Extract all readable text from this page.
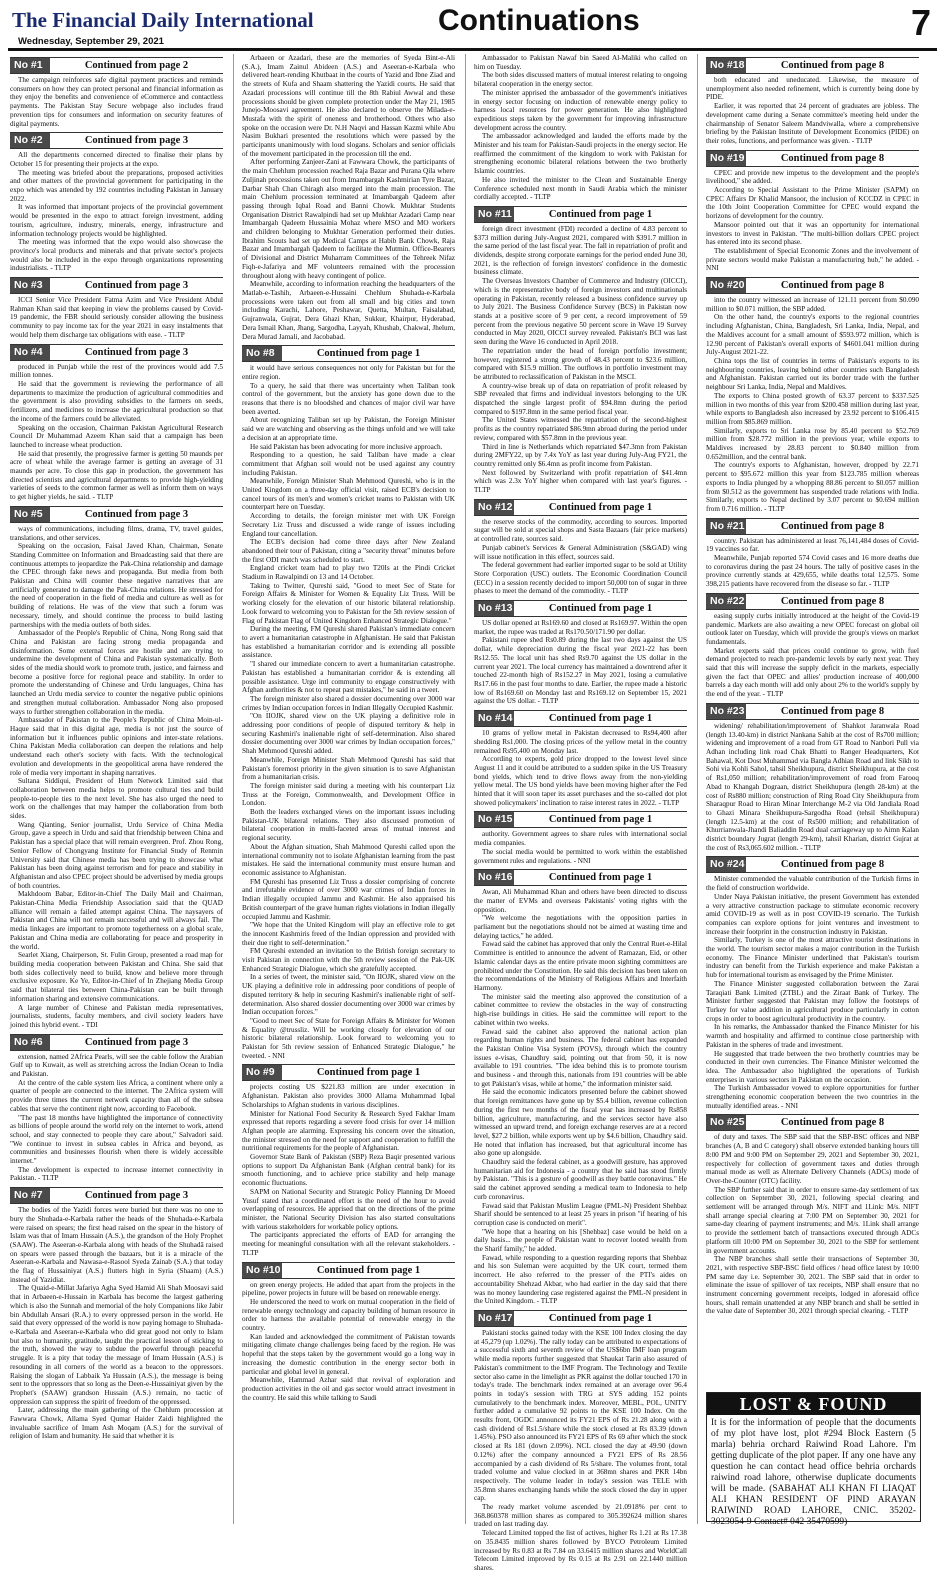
The Financial Daily International
Wednesday, September 29, 2021
Continuations	7
No #1	Continued from page 2

The campaign reinforces safe digital payment practices and reminds consumers on how they can protect personal and financial information as they enjoy the benefits and convenience of eCommerce and contactless payments. The Pakistan Stay Secure webpage also includes fraud prevention tips for consumers and information on security features of digital payments.

No #2	Continued from page 3

All the departments concerned directed to finalise their plans by October 15 for presenting their projects at the expo.

The meeting was briefed about the preparations, proposed activities and other matters of the provincial government for participating in the expo which was attended by 192 countries including Pakistan in January 2022.

It was informed that important projects of the provincial government would be presented in the expo to attract foreign investment, adding tourism, agriculture, industry, minerals, energy, infrastructure and information technology projects would be highlighted.

The meeting was informed that the expo would also showcase the province's local products and minerals and that private sector's projects would also be included in the expo through organizations representing industrialists. - TLTP

No #3	Continued from page 3

ICCI Senior Vice President Fatma Azim and Vice President Abdul Rahman Khan said that keeping in view the problems caused by Covid-19 pandemic, the FBR should seriously consider allowing the business community to pay income tax for the year 2021 in easy instalments that would help them discharge tax obligations with ease. - TLTP

No #4	Continued from page 3

produced in Punjab while the rest of the provinces would add 7.5 million tonnes.

He said that the government is reviewing the performance of all departments to maximize the production of agricultural commodities and the government is also providing subsidies to the farmers on seeds, fertilizers, and medicines to increase the agricultural production so that the income of the farmers could be alleviated.

Speaking on the occasion, Chairman Pakistan Agricultural Research Council Dr Muhammad Azeem Khan said that a campaign has been launched to increase wheat production.

He said that presently, the progressive farmer is getting 50 maunds per acre of wheat while the average farmer is getting an average of 31 maunds per acre. To close this gap in production, the government has directed scientists and agricultural departments to provide high-yielding varieties of seeds to the common farmer as well as inform them on ways to get higher yields, he said. - TLTP

No #5	Continued from page 3

ways of communications, including films, drama, TV, travel guides, translations, and other services.

Speaking on the occasion, Faisal Javed Khan, Chairman, Senate Standing Committee on Information and Broadcasting said that there are continuous attempts to jeopardize the Pak-China relationship and damage the CPEC through fake news and propaganda. But media from both Pakistan and China will counter these negative narratives that are artificially generated to damage the Pak-China relations. He stressed for the need of cooperation in the field of media and culture as well as for building of relations. He was of the view that such a forum was necessary, timely, and should continue the process to build lasting partnerships with the media outlets of both sides.

Ambassador of the People's Republic of China, Nong Rong said that China and Pakistan are facing strong media propaganda and disinformation. Some external forces are hostile and are trying to undermine the development of China and Pakistan systematically. Both sides of the media should work to promote truth, justice, and fairness and become a positive force for regional peace and stability. In order to promote the understanding of Chinese and Urdu languages, China has launched an Urdu media service to counter the negative public opinions and strengthen mutual collaboration. Ambassador Nong also proposed ways to further strengthen collaboration in the media.

Ambassador of Pakistan to the People's Republic of China Moin-ul-Haque said that in this digital age, media is not just the source of information but it influences public opinions and inter-state relations. China Pakistan Media collaboration can deepen the relations and help understand each other's society with facts. With the technological evolution and developments in the geopolitical arena have rendered the role of media very important in shaping narratives.

Sultana Siddiqui, President of Hum Network Limited said that collaboration between media helps to promote cultural ties and build people-to-people ties to the next level. She has also urged the need to work on the challenges that may hamper the collaboration from both sides.

Wang Qianting, Senior journalist, Urdu Service of China Media Group, gave a speech in Urdu and said that friendship between China and Pakistan has a special place that will remain evergreen. Prof. Zhou Rong, Senior Fellow of Chongyang Institute for Financial Study of Renmin University said that Chinese media has been trying to showcase what Pakistan has been doing against terrorism and for peace and stability in Afghanistan and also CPEC project should be advertised by media groups of both countries.

Makhdoom Babar, Editor-in-Chief The Daily Mail and Chairman, Pakistan-China Media Friendship Association said that the QUAD alliance will remain a failed attempt against China. The naysayers of Pakistan and China will not remain successful and will always fail. The media linkages are important to promote togetherness on a global scale, Pakistan and China media are collaborating for peace and prosperity in the world.

Searlet Xiang, Chairperson, St. Fulin Group, presented a road map for building media cooperation between Pakistan and China. She said that both sides collectively need to build, know and believe more through exclusive exposure. Ke Ye, Editor-in-Chief of In Zhejiang Media Group said that bilateral ties between China-Pakistan can be built through information sharing and extensive communications.

A large number of Chinese and Pakistan media representatives, journalists, students, faculty members, and civil society leaders have joined this hybrid event. - TDI

No #6	Continued from page 3

extension, named 2Africa Pearls, will see the cable follow the Arabian Gulf up to Kuwait, as well as stretching across the Indian Ocean to India and Pakistan.

At the centre of the cable system lies Africa, a continent where only a quarter of people are connected to the internet. The 2Africa system will provide three times the current network capacity than all of the subsea cables that serve the continent right now, according to Facebook.

"The past 18 months have highlighted the importance of connectivity as billions of people around the world rely on the internet to work, attend school, and stay connected to people they care about," Salvadori said. "We continue to invest in subsea cables in Africa and beyond, as communities and businesses flourish when there is widely accessible internet."

The development is expected to increase internet connectivity in Pakistan. - TLTP

No #7	Continued from page 3

The bodies of the Yazidi forces were buried but there was no one to bury the Shuhada-e-Karbala rather the heads of the Shuhada-e-Karbala were raised on spears; the first head raised on the spear in the history of Islam was that of Imam Hussain (A.S.), the grandson of the Holy Prophet (SAAW). The Aseeran-e-Karbala along with heads of the Shuhadā raised on spears were passed through the bazaars, but it is a miracle of the Aseeran-e-Karbala and Nawasa-e-Rasool Syeda Zainab (S.A.) that today the flag of Hussainiyat (A.S.) flutters high in Syria (Shaam) (A.S.) instead of Yazidiat.

The Quaid-e-Millat Jafariya Agha Syed Hamid Ali Shah Moosavi said that in Arbaeen-e-Hussain in Karbala has become the largest gathering which is also the Sunnah and memorial of the holy Companions like Jabir bin Abdullah Ansari (R.A.) to every oppressed person in the world. He said that every oppressed of the world is now paying homage to Shuhada-e-Karbala and Aseeran-e-Karbala who did great good not only to Islam but also to humanity, gratitude, taught the practical lesson of sticking to the truth, showed the way to subdue the powerful through peaceful struggle. It is a pity that today the message of Imam Hussain (A.S.) is resounding in all corners of the world as a beacon to the oppressors. Raising the slogan of Labbaik Ya Hussain (A.S.), the message is being sent to the oppressors that so long as the Deen-e-Hussainiyat given by the Prophet's (SAAW) grandson Hussain (A.S.) remain, no tactic of oppression can suppress the spirit of freedom of the oppressed.

Later, addressing the main gathering of the Chehlum procession at Fawwara Chowk, Allama Syed Qumar Haider Zaidi highlighted the invaluable sacrifice of Imam Ash Moqam (A.S.) for the survival of religion of Islam and humanity. He said that whether it is

Arbaeen or Azadari, these are the memories of Syeda Bint-e-Ali (S.A.), Imam Zainul Abideen (A.S.) and Aseeran-e-Karbala who delivered heart-rending Khutbaat in the courts of Yazid and Ibne Ziad and the streets of Kufa and Shaam shattering the Yazidi courts. He said that Azadari processions will continue till the 8th Rabiul Awwal and these processions should be given complete protection under the May 21, 1985 Junejo-Moosavi agreement. He also declared to observe the Milada-e-Mustafa with the spirit of oneness and brotherhood. Others who also spoke on the occasion were Dr. N.H Naqvi and Hassan Kazmi while Abu Nasim Bukhari presented the resolutions which were passed by the participants unanimously with loud slogans. Scholars and senior officials of the movement participated in the procession till the end.

After performing Zanjeer-Zani at Fawwara Chowk, the participants of the main Chehlum procession reached Raja Bazar and Purana Qila where Zuljinah processions taken out from Imambargah Kashmirian Tyre Bazar, Darbar Shah Chan Chiragh also merged into the main procession. The main Chehlum procession terminated at Imambargah Qadeem after passing through Iqbal Road and Banni Chowk. Mukhtar Students Organisation District Rawalpindi had set up Mukhtar Azadari Camp near Imambargah Qadeem Hussainia Mohaz where MSO and MO workers and children belonging to Mukhtar Generation performed their duties. Ibrahim Scouts had set up Medical Camps at Habib Bank Chowk, Raja Bazar and Imambargah Qadeem to facilitate the Mutmin. Office-Bearers of Divisional and District Muharram Committees of the Tehreek Nifaz Fiqh-e-Jafariya and MF volunteers remained with the procession throughout along with heavy contingent of police.

Meanwhile, according to information reaching the headquarters of the Matlab-e-Tashih, Arbaeen-e-Hussaini Chehlum Shuhada-e-Karbala processions were taken out from all small and big cities and town including Karachi, Lahore, Peshawar, Quetta, Multan, Faisalabad, Gujranwala, Gujrat, Dera Ghazi Khan, Sukkur, Khairpur, Hyderabad, Dera Ismail Khan, Jhang, Sargodha, Layyah, Khushab, Chakwal, Jhelum, Dera Murad Jamali, and Jacobabad.

No #8	Continued from page 1

it would have serious consequences not only for Pakistan but for the entire region.

To a query, he said that there was uncertainty when Taliban took control of the government, but the anxiety has gone down due to the reasons that there is no bloodshed and chances of major civil war have been averted.

About recognizing Taliban set up by Pakistan, the Foreign Minister said we are watching and observing as the things unfold and we will take a decision at an appropriate time.

He said Pakistan has been advocating for more inclusive approach.

Responding to a question, he said Taliban have made a clear commitment that Afghan soil would not be used against any country including Pakistan.

Meanwhile, Foreign Minister Shah Mehmood Qureshi, who is in the United Kingdom on a three-day official visit, raised ECB's decision to cancel tours of its men's and women's cricket teams to Pakistan with UK counterpart here on Tuesday.

According to details, the foreign minister met with UK Foreign Secretary Liz Truss and discussed a wide range of issues including England tour cancellation.

The ECB's decision had come three days after New Zealand abandoned their tour of Pakistan, citing a "security threat" minutes before the first ODI match was scheduled to start.

England cricket team had to play two T20Is at the Pindi Cricket Stadium in Rawalpindi on 13 and 14 October.

Taking to Twitter, Qureshi said, "Good to meet Sec of State for Foreign Affairs & Minister for Women & Equality Liz Truss. Will be working closely for the elevation of our historic bilateral relationship. Look forward to welcoming you to Pakistan for the 5th review session of Flag of Pakistan Flag of United Kingdom Enhanced Strategic Dialogue."

During the meeting, FM Qureshi shared Pakistan's immediate concern to avert a humanitarian catastrophe in Afghanistan. He said that Pakistan has established a humanitarian corridor and is extending all possible assistance.

"I shared our immediate concern to avert a humanitarian catastrophe. Pakistan has established a humanitarian corridor & is extending all possible assistance. Urge intl community to engage constructively with Afghan authorities & not to repeat past mistakes," he said in a tweet.

The foreign minister also shared a dossier documenting over 3000 war crimes by Indian occupation forces in Indian Illegally Occupied Kashmir.

"On IIOJK, shared view on the UK playing a definitive role in addressing poor conditions of people of disputed territory & help in securing Kashmiri's inalienable right of self-determination. Also shared dossier documenting over 3000 war crimes by Indian occupation forces," Shah Mehmood Qureshi added.

Meanwhile, Foreign Minister Shah Mehmood Qureshi has said that Pakistan's foremost priority in the given situation is to save Afghanistan from a humanitarian crisis.

The foreign minister said during a meeting with his counterpart Liz Truss at the Foreign, Commonwealth, and Development Office in London.

Both the leaders exchanged views on the important issues including Pakistan-UK bilateral relations. They also discussed promotion of bilateral cooperation in multi-faceted areas of mutual interest and regional security.

About the Afghan situation, Shah Mahmood Qureshi called upon the international community not to isolate Afghanistan learning from the past mistakes. He said the international community must ensure human and economic assistance to Afghanistan.

FM Qureshi has presented Liz Truss a dossier comprising of concrete and irrefutable evidence of over 3000 war crimes of Indian forces in Indian illegally occupied Jammu and Kashmir. He also appraised his British counterpart of the grave human rights violations in Indian illegally occupied Jammu and Kashmir.

"We hope that the United Kingdom will play an effective role to get the innocent Kashmiris freed of the Indian oppression and provided with their due right to self-determination."

FM Qureshi extended an invitation to the British foreign secretary to visit Pakistan in connection with the 5th review session of the Pak-UK Enhanced Strategic Dialogue, which she gratefully accepted.

In a series of tweet, the minister said, "On IIOJK, shared view on the UK playing a definitive role in addressing poor conditions of people of disputed territory & help in securing Kashmiri's inalienable right of self-determination. Also shared dossier documenting over 3000 war crimes by Indian occupation forces."

"Good to meet Sec of State for Foreign Affairs & Minister for Women & Equality @trussliz. Will be working closely for elevation of our historic bilateral relationship. Look forward to welcoming you to Pakistan for 5th review session of Enhanced Strategic Dialogue," he tweeted. - NNI

No #9	Continued from page 1

projects costing US $221.83 million are under execution in Afghanistan. Pakistan also provides 3000 Allama Muhammad Iqbal Scholarships to Afghan students in various disciplines.

Minister for National Food Security & Research Syed Fakhar Imam expressed that reports regarding a severe food crisis for over 14 million Afghan people are alarming. Expressing his concern over the situation, the minister stressed on the need for support and cooperation to fulfill the nutritional requirements for the people of Afghanistan.

Governor State Bank of Pakistan (SBP) Reza Baqir presented various options to support Da Afghanistan Bank (Afghan central bank) for its smooth functioning, and to achieve price stability and help manage economic fluctuations.

SAPM on National Security and Strategic Policy Planning Dr Moeed Yusuf stated that a coordinated effort is the need of the hour to avoid overlapping of resources. He apprised that on the directions of the prime minister, the National Security Division has also started consultations with various stakeholders for workable policy options.

The participants appreciated the efforts of EAD for arranging the meeting for meaningful consultation with all the relevant stakeholders. - TLTP

No #10	Continued from page 1

on green energy projects. He added that apart from the projects in the pipeline, power projects in future will be based on renewable energy.

He underscored the need to work on mutual cooperation in the field of renewable energy technology and capacity building of human resource in order to harness the available potential of renewable energy in the country.

Kan lauded and acknowledged the commitment of Pakistan towards mitigating climate change challenges being faced by the region. He was hopeful that the steps taken by the government would go a long way in increasing the domestic contribution in the energy sector both in particular and global level in general.

Meanwhile, Hammad Azhar said that revival of exploration and production activities in the oil and gas sector would attract investment in the country. He said this while talking to Saudi

Ambassador to Pakistan Nawaf bin Saeed Al-Maliki who called on him on Tuesday.

The both sides discussed matters of mutual interest relating to ongoing bilateral cooperation in the energy sector.

The minister apprised the ambassador of the government's initiatives in energy sector focusing on induction of renewable energy policy to harness local resources for power generation. He also highlighted expeditious steps taken by the government for improving infrastructure development across the country.

The ambassador acknowledged and lauded the efforts made by the Minister and his team for Pakistan-Saudi projects in the energy sector. He reaffirmed the commitment of the kingdom to work with Pakistan for strengthening economic bilateral relations between the two brotherly Islamic countries.

He also invited the minister to the Clean and Sustainable Energy Conference scheduled next month in Saudi Arabia which the minister cordially accepted. - TLTP

No #11	Continued from page 1

foreign direct investment (FDI) recorded a decline of 4.83 percent to $373 million during July-August 2021, compared with $391.7 million in the same period of the last fiscal year. The fall in repatriation of profit and dividends, despite strong corporate earnings for the period ended June 30, 2021, is the reflection of foreign investors' confidence in the domestic business climate.

The Overseas Investors Chamber of Commerce and Industry (OICCI), which is the representative body of foreign investors and multinationals operating in Pakistan, recently released a business confidence survey up to July 2021. The Business Confidence Survey (BCS) in Pakistan now stands at a positive score of 9 per cent, a record improvement of 59 percent from the previous negative 50 percent score in Wave 19 Survey conducted in May 2020, OICCI survey revealed. Pakistan's BCI was last seen during the Wave 16 conducted in April 2018.

The repatriation under the head of foreign portfolio investment; however, registered a strong growth of 48.43 percent to $23.6 million, compared with $15.9 million. The outflows in portfolio investment may be attributed to reclassification of Pakistan in the MSCI.

A country-wise break up of data on repatriation of profit released by SBP revealed that firms and individual investors belonging to the UK dispatched the single largest profit of $94.8mn during the period compared to $197.8mn in the same period fiscal year.

The United States witnessed the repatriation of the second-highest profits as the country repatriated $86.9mn abroad during the period under review, compared with $57.8mn in the previous year.

Third in line is Netherlands which repatriated $47.3mn from Pakistan during 2MFY22, up by 7.4x YoY as last year during July-Aug FY21, the country remitted only $6.4mn as profit income from Pakistan.

Next followed by Switzerland with profit repatriation of $41.4mn which was 2.3x YoY higher when compared with last year's figures. - TLTP

No #12	Continued from page 1

the reserve stocks of the commodity, according to sources. Imported sugar will be sold at special shops and Sasta Bazaars (fair price markets) at controlled rate, sources said.

Punjab cabinet's Services & General Administration (S&GAD) wing will issue notification in this effect, sources said.

The federal government had earlier imported sugar to be sold at Utility Store Corporation (USC) outlets. The Economic Coordination Council (ECC) in a session recently decided to import 50,000 ton of sugar in three phases to meet the demand of the commodity. - TLTP

No #13	Continued from page 1

US dollar opened at Rs169.60 and closed at Rs169.97. Within the open market, the rupee was traded at Rs170.50/171.90 per dollar.

Pakistani rupee shed Rs0.89 during the last two days against the US dollar, while depreciation during the fiscal year 2021-22 has been Rs12.55. The local unit has shed Rs9.70 against the US dollar in the current year 2021. The local currency has maintained a downtrend after it touched 22-month high of Rs152.27 in May 2021, losing a cumulative Rs17.66 in the past four months to date. Earlier, the rupee made a historic low of Rs169.60 on Monday last and Rs169.12 on September 15, 2021 against the US dollar. - TLTP

No #14	Continued from page 1

10 grams of yellow metal in Pakistan decreased to Rs94,400 after shedding Rs1,000. The closing prices of the yellow metal in the country remained Rs95,400 on Monday last.

According to experts, gold price dropped to the lowest level since August 11 and it could be attributed to a sudden spike in the US Treasury bond yields, which tend to drive flows away from the non-yielding yellow metal. The US bond yields have been moving higher after the Fed hinted that it will soon taper its asset purchases and the so-called dot plot showed policymakers' inclination to raise interest rates in 2022. - TLTP

No #15	Continued from page 1

authority. Government agrees to share rules with international social media companies.

The social media would be permitted to work within the established government rules and regulations. - NNI

No #16	Continued from page 1

Awan, Ali Muhammad Khan and others have been directed to discuss the matter of EVMs and overseas Pakistanis' voting rights with the opposition.

"We welcome the negotiations with the opposition parties in parliament but the negotiations should not be aimed at wasting time and delaying tactics," he added.

Fawad said the cabinet has approved that only the Central Ruet-e-Hilal Committee is entitled to announce the advent of Ramazan, Eid, or other Islamic calendar days as the entire private moon sighting committees are prohibited under the Constitution. He said this decision has been taken on the recommendations of the Ministry of Religious Affairs and Interfaith Harmony.

The minister said the meeting also approved the constitution of a cabinet committee to review the obstacles in the way of constructing high-rise buildings in cities. He said the committee will report to the cabinet within two weeks.

Fawad said the cabinet also approved the national action plan regarding human rights and business. The federal cabinet has expanded the Pakistan Online Visa System (POVS), through which the country issues e-visas, Chaudhry said, pointing out that from 50, it is now available to 191 countries. "The idea behind this is to promote tourism and business - and through this, nationals from 191 countries will be able to get Pakistan's visas, while at home," the information minister said.

He said the economic indicators presented before the cabinet showed that foreign remittances have gone up by $5.4 billion, revenue collection during the first two months of the fiscal year has increased by Rs858 billion, agriculture, manufacturing, and the services sector have also witnessed an upward trend, and foreign exchange reserves are at a record level, $27.2 billion, while exports went up by $4.6 billion, Chaudhry said. He noted that inflation has increased, but that agricultural income has also gone up alongside.

Chaudhry said the federal cabinet, as a goodwill gesture, has approved humanitarian aid for Indonesia - a country that he said has stood firmly by Pakistan. "This is a gesture of goodwill as they battle coronavirus." He said the cabinet approved sending a medical team to Indonesia to help curb coronavirus.

Fawad said that Pakistan Muslim League (PML-N) President Shehbaz Sharif should be sentenced to at least 25 years in prison "if hearing of his corruption case is conducted on merit".

"We hope that a hearing on his [Shehbaz] case would be held on a daily basis... the people of Pakistan want to recover looted wealth from the Sharif family," he added.

Fawad, while responding to a question regarding reports that Shehbaz and his son Suleman were acquitted by the UK court, termed them incorrect. He also referred to the presser of the PTI's aides on accountability Shehzad Akbar, who had earlier in the day said that there was no money laundering case registered against the PML-N president in the United Kingdom. - TLTP

No #17	Continued from page 1

Pakistani stocks gained today with the KSE 100 Index closing the day at 45,279 (up 1.02%). The rally today can be attributed to expectations of a successful sixth and seventh review of the US$6bn IMF loan program while media reports further suggested that Shaukat Tarin also assured of Pakistan's commitment to the IMF Program. The Technology and Textile sector also came in the limelight as PKR against the dollar touched 170 in today's trade. The benchmark index remained at an average over 96.4 points in today's session with TRG at SYS adding 152 points cumulatively to the benchmark index. Moreover, MEBL, POL, UNITY further added a cumulative 92 points to the KSE 100 Index. On the results front, OGDC announced its FY21 EPS of Rs 21.28 along with a cash dividend of Rs1.5/share while the stock closed at Rs 83.39 (down 1.45%). PSO also announced its FY21 EPS of Rs 69 after which the stock closed at Rs 181 (down 2.09%). NCL closed the day at 49.90 (down 0.12%) after the company announced a FY21 EPS of Rs 28.56 accompanied by a cash dividend of Rs 5/share. The volumes front, total traded volume and value clocked in at 368mn shares and PKR 14bn respectively. The volume leader in today's session was TELE with 35.8mn shares exchanging hands while the stock closed the day in upper cap.

The ready market volume ascended by 21.0918% per cent to 368.860378 million shares as compared to 305.392624 million shares traded on last trading day.

Telecard Limited topped the list of actives, higher Rs 1.21 at Rs 17.38 on 35.8435 million shares followed by BYCO Petroleum Limited increased by Rs 0.83 at Rs 7.84 on 33.6415 million shares and WorldCall Telecom Limited improved by Rs 0.15 at Rs 2.91 on 22.1440 million shares.

No #18	Continued from page 8

both educated and uneducated. Likewise, the measure of unemployment also needed refinement, which is currently being done by PIDE.

Earlier, it was reported that 24 percent of graduates are jobless. The development came during a Senate committee's meeting held under the chairmanship of Senator Saleem Mandviwalla, where a comprehensive briefing by the Pakistan Institute of Development Economics (PIDE) on their roles, functions, and performance was given. - TLTP

No #19	Continued from page 8

CPEC and provide new impetus to the development and the people's livelihood," she added.

According to Special Assistant to the Prime Minister (SAPM) on CPEC Affairs Dr Khalid Mansoor, the inclusion of KCCDZ in CPEC in the 10th Joint Cooperation Committee for CPEC would expand the horizons of development for the country.

Mansoor pointed out that it was an opportunity for international investors to invest in Pakistan. "The multi-billion dollars CPEC project has entered into its second phase.

The establishment of Special Economic Zones and the involvement of private sectors would make Pakistan a manufacturing hub," he added. - NNI

No #20	Continued from page 8

into the country witnessed an increase of 121.11 percent from $0.090 million to $0.071 million, the SBP added.

On the other hand, the country's exports to the regional countries including Afghanistan, China, Bangladesh, Sri Lanka, India, Nepal, and the Maldives account for a small amount of $593.972 million, which is 12.90 percent of Pakistan's overall exports of $4601.041 million during July-August 2021-22.

China tops the list of countries in terms of Pakistan's exports to its neighbouring countries, leaving behind other countries such Bangladesh and Afghanistan. Pakistan carried out its border trade with the further neighbour Sri Lanka, India, Nepal and Maldives.

The exports to China posted growth of 63.37 percent to $337.525 million in two months of this year from $200.458 million during last year, while exports to Bangladesh also increased by 23.92 percent to $106.415 million from $85.869 million.

Similarly, exports to Sri Lanka rose by 85.40 percent to $52.769 million from $28.772 million in the previous year, while exports to Maldives increased by 28.83 percent to $0.840 million from 0.652million, and the central bank.

The country's exports to Afghanistan, however, dropped by 22.71 percent to $95.672 million this year from $123.785 million whereas exports to India plunged by a whopping 88.86 percent to $0.057 million from $0.512 as the government has suspended trade relations with India. Similarly, exports to Nepal declined by 3.07 percent to $0.694 million from 0.716 million. - TLTP

No #21	Continued from page 8

country. Pakistan has administered at least 76,141,484 doses of Covid-19 vaccines so far.

Meanwhile, Punjab reported 574 Covid cases and 16 more deaths due to coronavirus during the past 24 hours. The tally of positive cases in the province currently stands at 429,655, while deaths total 12,575. Some 398,215 patients have recovered from the disease so far. - TLTP

No #22	Continued from page 8

easing supply curbs initially introduced at the height of the Covid-19 pandemic. Markets are also awaiting a new OPEC forecast on global oil outlook later on Tuesday, which will provide the group's views on market fundamentals.

Market experts said that prices could continue to grow, with fuel demand projected to reach pre-pandemic levels by early next year. They said that this will increase the supply deficit in the markets, especially given the fact that OPEC and allies' production increase of 400,000 barrels a day each month will add only about 2% to the world's supply by the end of the year. - TLTP

No #23	Continued from page 8

widening/ rehabilitation/improvement of Shahkot Jaranwala Road (length 13.40-km) in district Nankana Sahib at the cost of Rs700 million; widening and improvement of a road from GT Road to Nanbori Pull via Adhan including link road Chak Bhatti to Ranger Headquarters, Kot Bahawal, Kot Dost Muhammad via Bangla Adhian Road and link Sikh to Sohi via Kohli Sahol, tahsil Sheikhupura, district Sheikhupura, at the cost of Rs1,050 million; rehabilitation/improvement of road from Farooq Abad to Khangah Dograan, district Sheikhupura (length 28-km) at the cost of Rs880 million; construction of Ring Road City Sheikhupura from Sharaqpur Road to Hiran Minar Interchange M-2 via Old Jandiala Road to Ghazi Minara Sheikhupura-Sargodha Road (tehsil Sheikhupura) (length 12.5-km) at the cost of Rs500 million; and rehabilitation of Khurrianwala-Jhandi Baliaddin Road dual carriageway up to Aimn Kalan district boundary Jugrat (length 29-km), tahsil Kharian, district Gujrat at the cost of Rs3,065.602 million. - TLTP

No #24	Continued from page 8

Minister commended the valuable contribution of the Turkish firms in the field of construction worldwide.

Under Naya Pakistan initiative, the present Government has extended a very attractive construction package to stimulate economic recovery amid COVID-19 as well as in post COVID-19 scenario. The Turkish companies can explore options for joint ventures and investment to increase their footprint in the construction industry in Pakistan.

Similarly, Turkey is one of the most attractive tourist destinations in the world. The tourism sector makes a major contribution in the Turkish economy. The Finance Minister underlined that Pakistan's tourism industry can benefit from the Turkish experience and make Pakistan a hub for international tourism as envisaged by the Prime Minister.

The Finance Minister suggested collaboration between the Zarai Taraqiati Bank Limited (ZTBL) and the Ziraat Bank of Turkey. The Minister further suggested that Pakistan may follow the footsteps of Turkey for value addition in agricultural produce particularly in cotton crops in order to boost agricultural productivity in the country.

In his remarks, the Ambassador thanked the Finance Minister for his warmth and hospitality and affirmed to continue close partnership with Pakistan in the spheres of trade and investment.

He suggested that trade between the two brotherly countries may be conducted in their own currencies. The Finance Minister welcomed the idea. The Ambassador also highlighted the operations of Turkish enterprises in various sectors in Pakistan on the occasion.

The Turkish Ambassador vowed to explore opportunities for further strengthening economic cooperation between the two countries in the mutually identified areas. - NNI

No #25	Continued from page 8

of duty and taxes. The SBP said that the SBP-BSC offices and NBP branches (A, B and C category) shall observe extended banking hours till 8:00 PM and 9:00 PM on September 29, 2021 and September 30, 2021, respectively for collection of government taxes and duties through manual mode as well as Alternate Delivery Channels (ADCs) mode of Over-the-Counter (OTC) facility.

The SBP further said that in order to ensure same-day settlement of tax collection on September 30, 2021, following special clearing and settlement will be arranged through M/s. NIFT and 1Link: M/s. NIFT shall arrange special clearing at 7:00 PM on September 30, 2021 for same-day clearing of payment instruments; and M/s. 1Link shall arrange to provide the settlement batch of transactions executed through ADCs platform till 10:00 PM on September 30, 2021 to the SBP for settlement in government accounts.

The NBP branches shall settle their transactions of September 30, 2021, with respective SBP-BSC field offices / head office latest by 10:00 PM same day i.e. September 30, 2021. The SBP said that in order to eliminate the issue of spillover of tax receipts, NBP shall ensure that no instrument concerning government receipts, lodged in aforesaid office hours, shall remain unattended at any NBP branch and shall be settled in the value date of September 30, 2021 through special clearing. - TLTP

LOST & FOUND
It is for the information of people that the documents of my plot have lost, plot #294 Block Eastern (5 marla) behria orchard Raiwind Road Lahore. I'm getting duplicate of the plot paper. If any one have any question he can contact head office behria orchards raiwind road lahore, otherwise duplicate documents will be made. (SABAHAT ALI KHAN FI LIAQAT ALI KHAN RESIDENT OF PIND ARAYAN RAIWIND ROAD LAHORE, CNIC. 35202-3023054-9 Contact# 042 35470599)
